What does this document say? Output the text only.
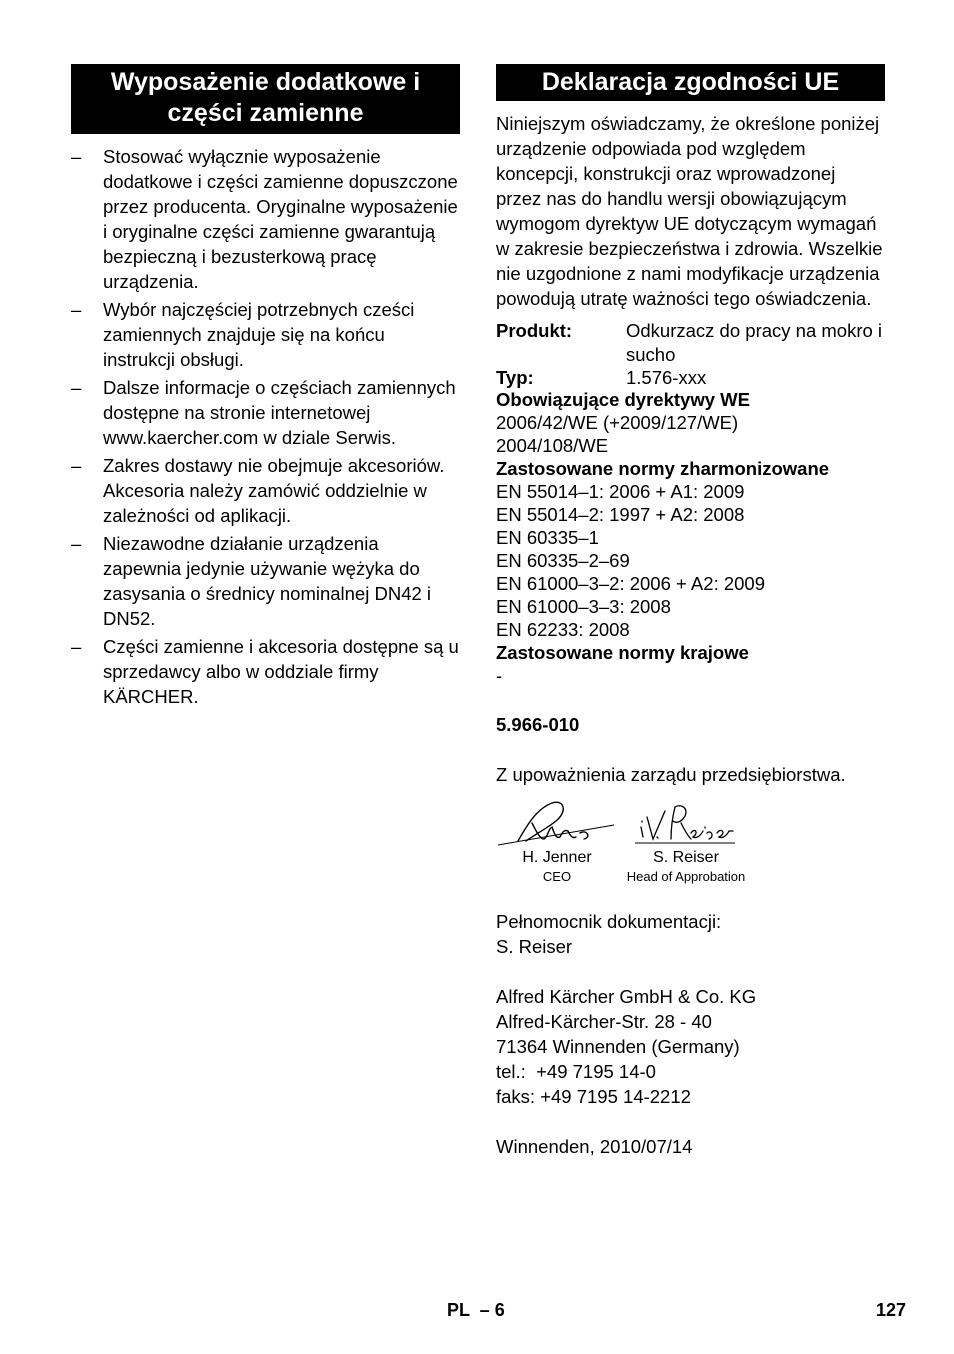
Wyposażenie dodatkowe i części zamienne
–	Stosować wyłącznie wyposażenie dodatkowe i części zamienne dopuszczone przez producenta. Oryginalne wyposażenie i oryginalne części zamienne gwarantują bezpieczną i bezusterkową pracę urządzenia.
–	Wybór najczęściej potrzebnych cześci zamiennych znajduje się na końcu instrukcji obsługi.
–	Dalsze informacje o częściach zamiennych dostępne na stronie internetowej www.kaercher.com w dziale Serwis.
–	Zakres dostawy nie obejmuje akcesoriów. Akcesoria należy zamówić oddzielnie w zależności od aplikacji.
–	Niezawodne działanie urządzenia zapewnia jedynie używanie wężyka do zasysania o średnicy nominalnej DN42 i DN52.
–	Części zamienne i akcesoria dostępne są u sprzedawcy albo w oddziale firmy KÄRCHER.
Deklaracja zgodności UE

Niniejszym oświadczamy, że określone poniżej urządzenie odpowiada pod względem koncepcji, konstrukcji oraz wprowadzonej przez nas do handlu wersji obowiązującym wymogom dyrektyw UE dotyczącym wymagań w zakresie bezpieczeństwa i zdrowia. Wszelkie nie uzgodnione z nami modyfikacje urządzenia powodują utratę ważności tego oświadczenia.

Produkt:	Odkurzacz do pracy na mokro i sucho
Typ:	1.576-xxx
Obowiązujące dyrektywy WE
2006/42/WE (+2009/127/WE)
2004/108/WE
Zastosowane normy zharmonizowane
EN 55014–1: 2006 + A1: 2009
EN 55014–2: 1997 + A2: 2008
EN 60335–1
EN 60335–2–69
EN 61000–3–2: 2006 + A2: 2009
EN 61000–3–3: 2008
EN 62233: 2008
Zastosowane normy krajowe
-
5.966-010

Z upoważnienia zarządu przedsiębiorstwa.

H. Jenner
CEO
S. Reiser
Head of Approbation
Pełnomocnik dokumentacji:
S. Reiser
Alfred Kärcher GmbH & Co. KG
Alfred-Kärcher-Str. 28 - 40
71364 Winnenden (Germany)
tel.:  +49 7195 14-0
faks: +49 7195 14-2212
Winnenden, 2010/07/14
PL  – 6	127
